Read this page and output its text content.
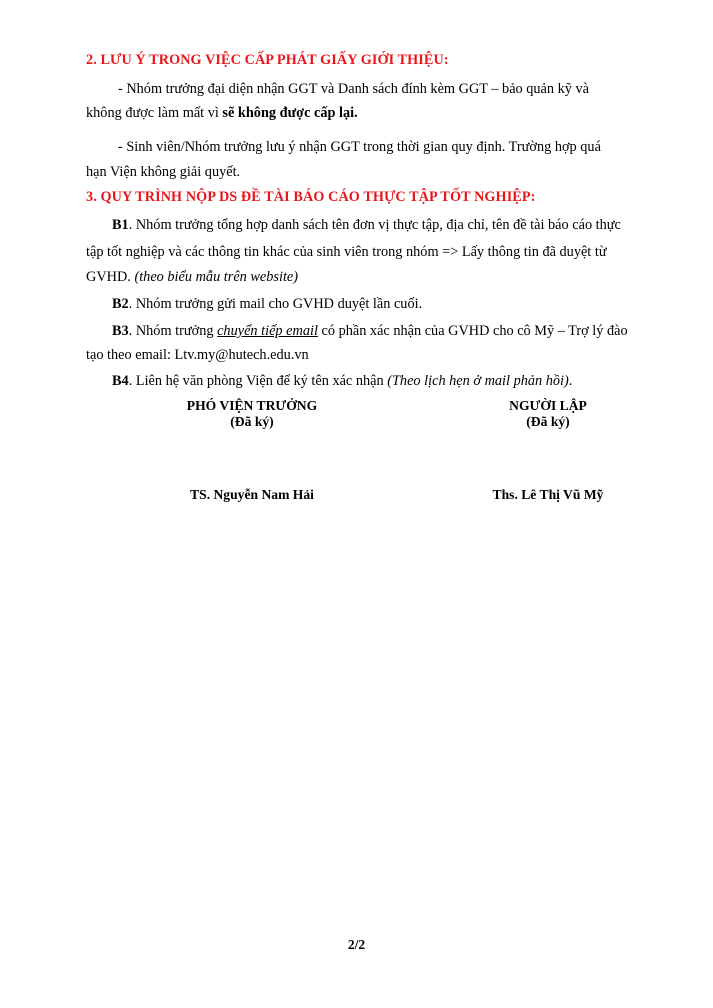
2. LƯU Ý TRONG VIỆC CẤP PHÁT GIẤY GIỚI THIỆU:
- Nhóm trưởng đại diện nhận GGT và Danh sách đính kèm GGT – bảo quản kỹ và
không được làm mất vì sẽ không được cấp lại.
- Sinh viên/Nhóm trưởng lưu ý nhận GGT trong thời gian quy định. Trường hợp quá
hạn Viện không giải quyết.
3. QUY TRÌNH NỘP DS ĐỀ TÀI BÁO CÁO THỰC TẬP TỐT NGHIỆP:
B1. Nhóm trưởng tổng hợp danh sách tên đơn vị thực tập, địa chỉ, tên đề tài báo cáo thực
tập tốt nghiệp và các thông tin khác của sinh viên trong nhóm => Lấy thông tin đã duyệt từ
GVHD. (theo biểu mẫu trên website)
B2. Nhóm trưởng gửi mail cho GVHD duyệt lần cuối.
B3. Nhóm trưởng chuyển tiếp email có phần xác nhận của GVHD cho cô Mỹ – Trợ lý đào
tạo theo email: Ltv.my@hutech.edu.vn
B4. Liên hệ văn phòng Viện để ký tên xác nhận (Theo lịch hẹn ở mail phản hồi).
PHÓ VIỆN TRƯỞNG
(Đã ký)
NGƯỜI LẬP
(Đã ký)
TS. Nguyễn Nam Hải	Ths. Lê Thị Vũ Mỹ
2/2
